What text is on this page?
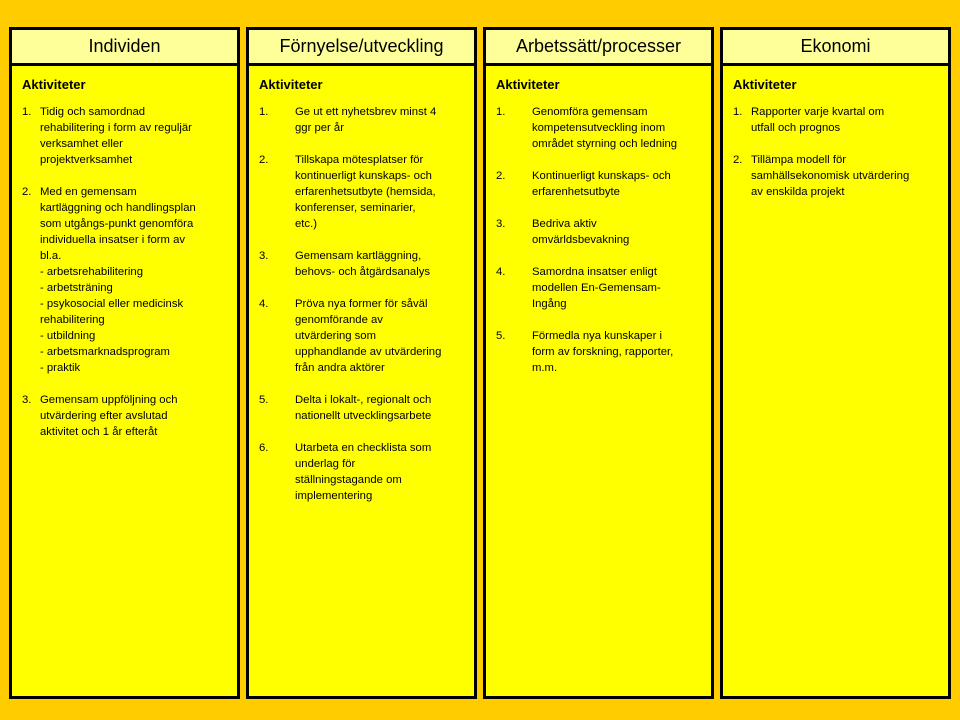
Individen
Aktiviteter
1. Tidig och samordnad
rehabilitering i form av reguljär
verksamhet eller
projektverksamhet
2. Med en gemensam
kartläggning och handlingsplan
som utgångs-punkt genomföra
individuella insatser i form av
bl.a.
- arbetsrehabilitering
- arbetsträning
- psykosocial eller medicinsk
rehabilitering
- utbildning
- arbetsmarknadsprogram
- praktik
3. Gemensam uppföljning och
utvärdering efter avslutad
aktivitet och 1 år efteråt
Förnyelse/utveckling
Aktiviteter
1. Ge ut ett nyhetsbrev minst 4
ggr per år
2. Tillskapa mötesplatser för
kontinuerligt kunskaps- och
erfarenhetsutbyte (hemsida,
konferenser, seminarier,
etc.)
3. Gemensam kartläggning,
behovs- och åtgärdsanalys
4. Pröva nya former för såväl
genomförande av
utvärdering som
upphandlande av utvärdering
från andra aktörer
5. Delta i lokalt-, regionalt och
nationellt utvecklingsarbete
6. Utarbeta en checklista som
underlag för
ställningstagande om
implementering
Arbetssätt/processer
Aktiviteter
1. Genomföra gemensam
kompetensutveckling inom
området styrning och ledning
2. Kontinuerligt kunskaps- och
erfarenhetsutbyte
3. Bedriva aktiv
omvärldsbevakning
4. Samordna insatser enligt
modellen En-Gemensam-
Ingång
5. Förmedla nya kunskaper i
form av forskning, rapporter,
m.m.
Ekonomi
Aktiviteter
1. Rapporter varje kvartal om
utfall och prognos
2. Tillämpa modell för
samhällsekonomisk utvärdering
av enskilda projekt
